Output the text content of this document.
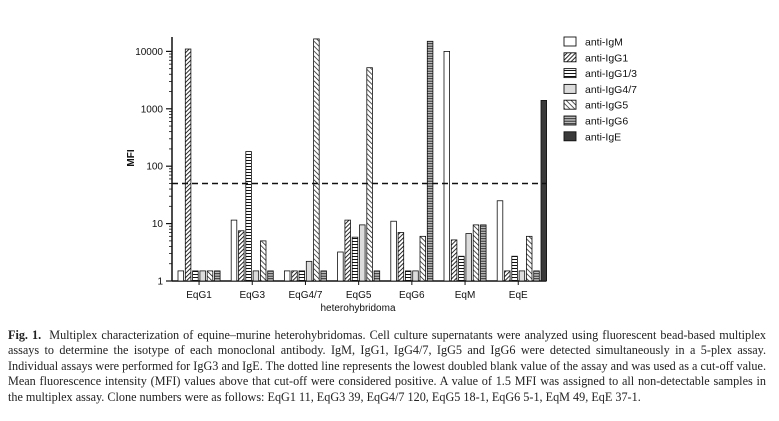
1
10
100
1000
10000
EqG1	EqG3 EqG4/7 EqG5	EqG6	EqM	EqE
MFI
heterohybridoma
anti-IgM
anti-IgG1
anti-IgG1/3
anti-IgG4/7
anti-IgG5
anti-IgG6
anti-IgE
Fig. 1. Multiplex characterization of equine–murine heterohybridomas. Cell culture supernatants were analyzed using fluorescent bead-based multiplex assays to determine the isotype of each monoclonal antibody. IgM, IgG1, IgG4/7, IgG5 and IgG6 were detected simultaneously in a 5-plex assay. Individual assays were performed for IgG3 and IgE. The dotted line represents the lowest doubled blank value of the assay and was used as a cut-off value. Mean fluorescence intensity (MFI) values above that cut-off were considered positive. A value of 1.5 MFI was assigned to all non-detectable samples in the multiplex assay. Clone numbers were as follows: EqG1 11, EqG3 39, EqG4/7 120, EqG5 18-1, EqG6 5-1, EqM 49, EqE 37-1.
